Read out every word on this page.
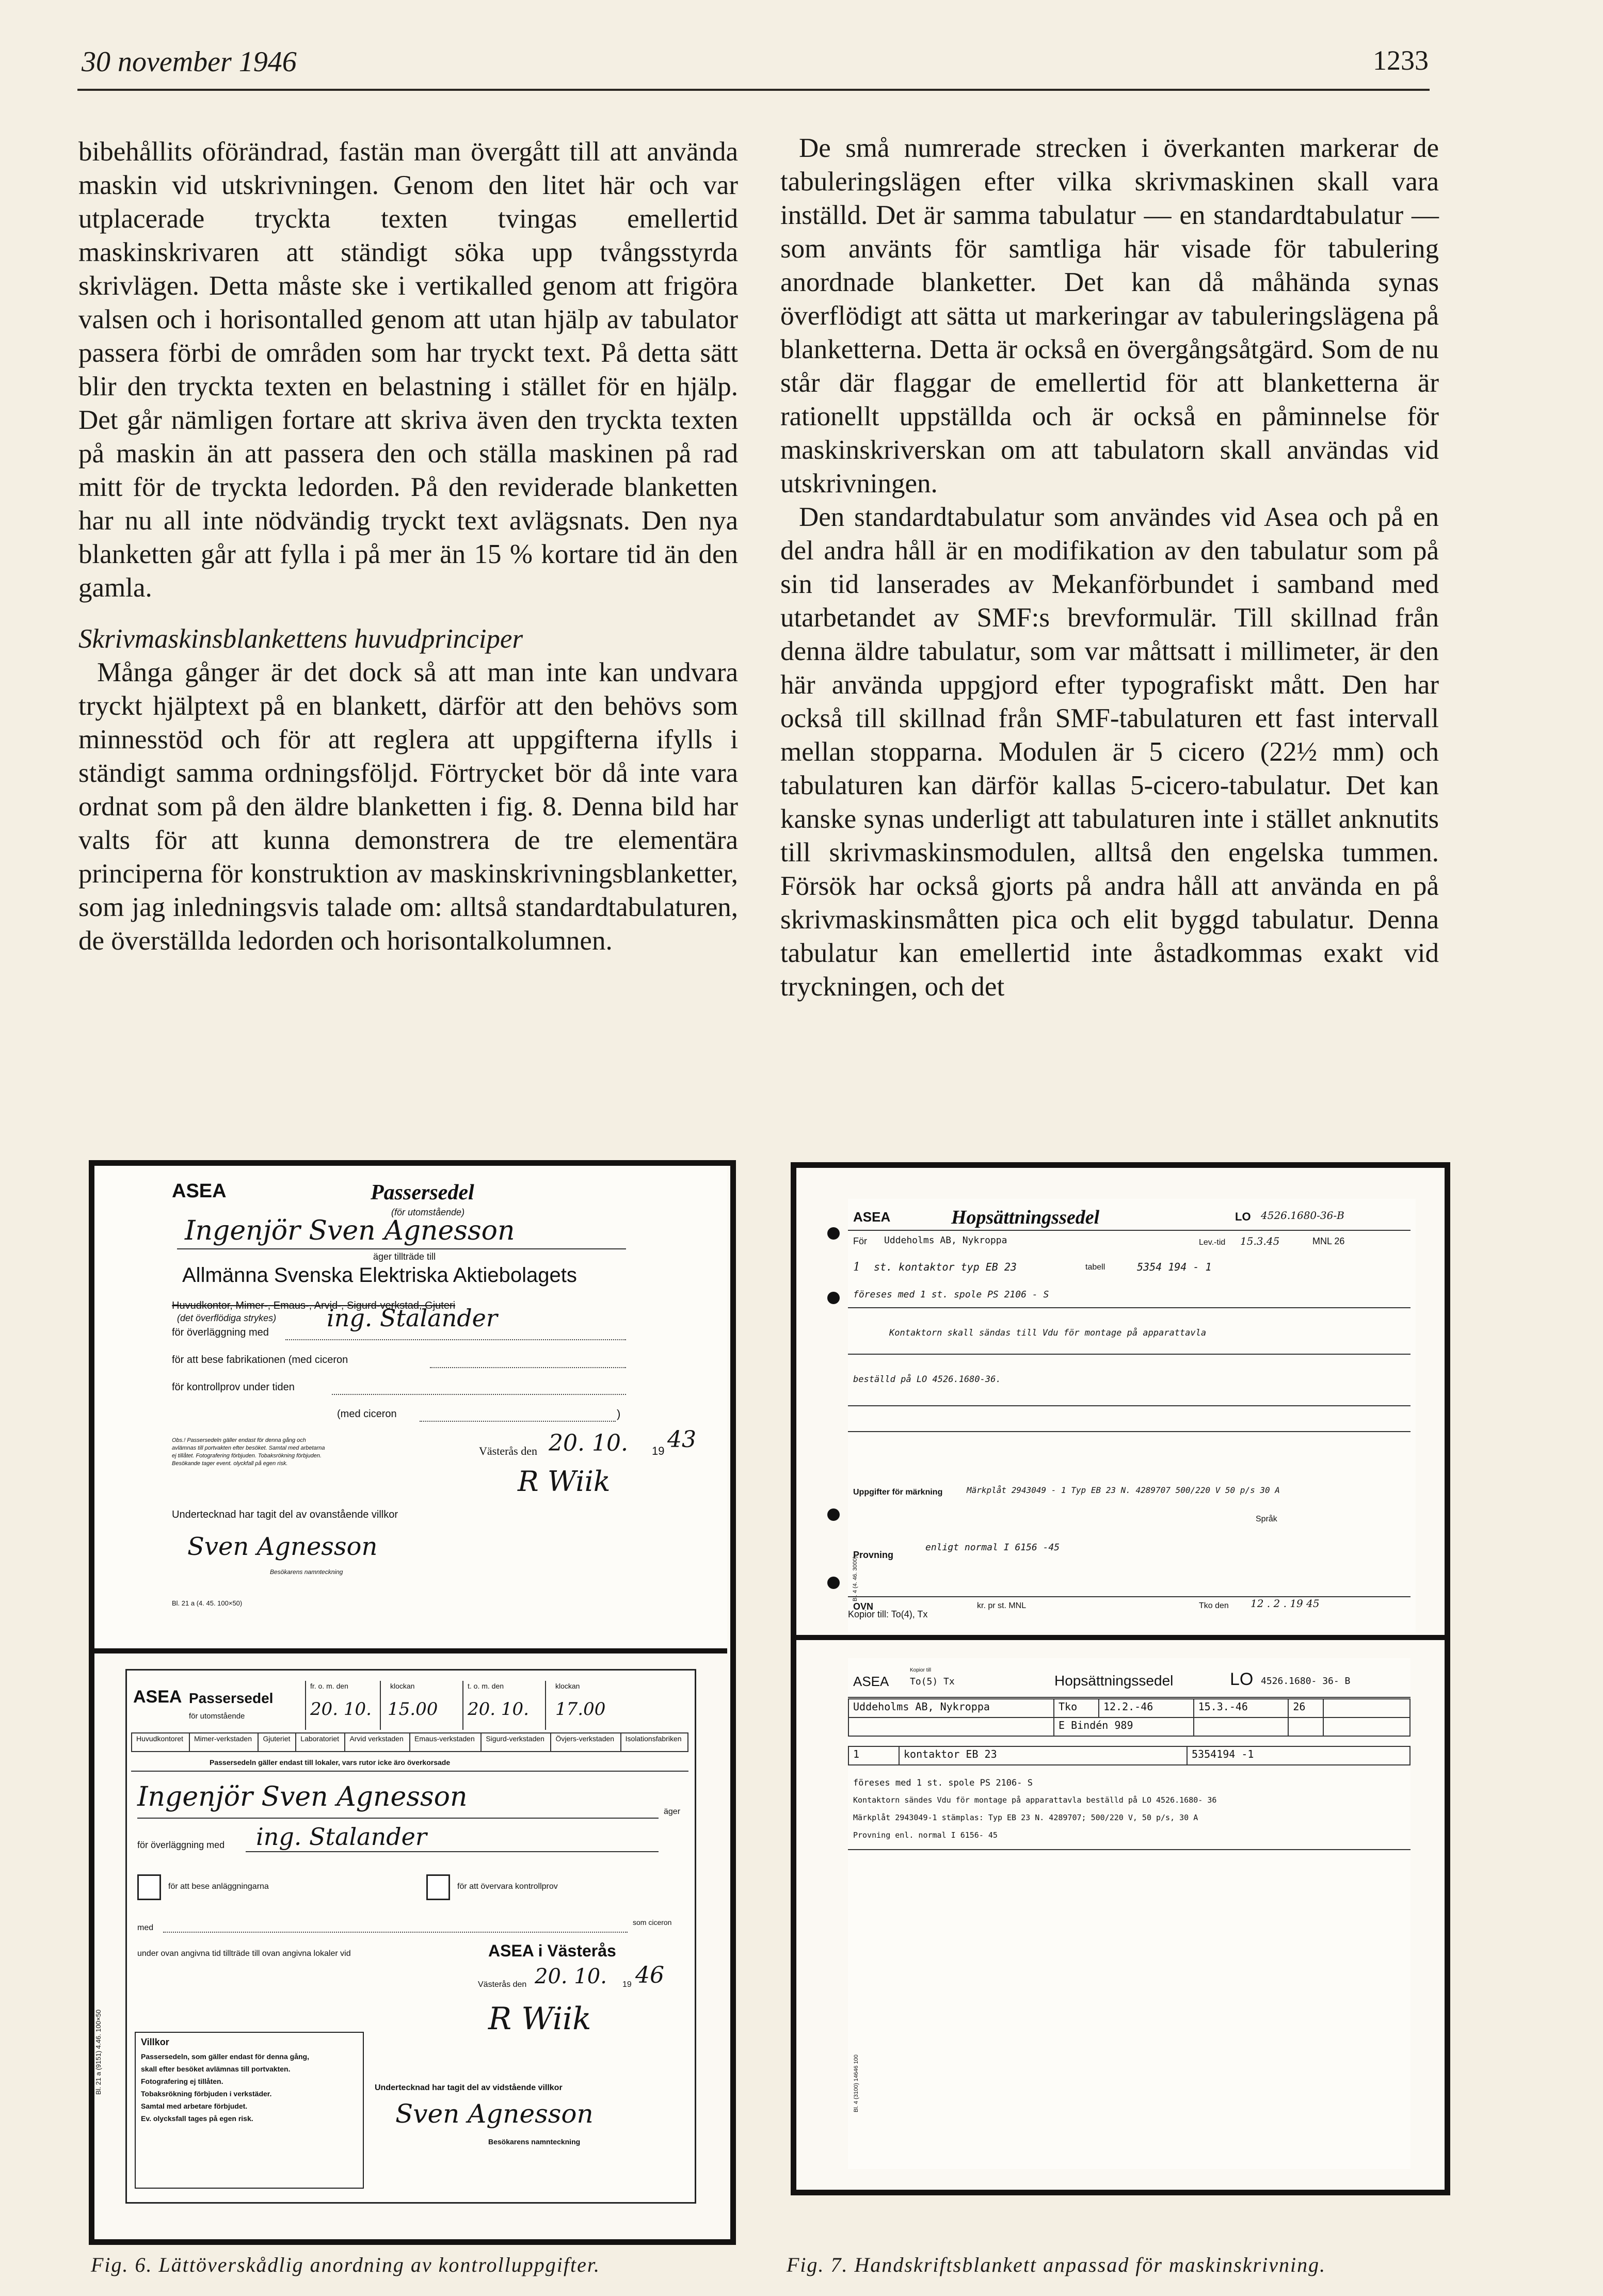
30 november 1946	1233

bibehållits oförändrad, fastän man övergått till att använda maskin vid utskrivningen. Genom den litet här och var utplacerade tryckta texten tvingas emellertid maskinskrivaren att ständigt söka upp tvångsstyrda skrivlägen. Detta måste ske i vertikalled genom att frigöra valsen och i horisontalled genom att utan hjälp av tabulator passera förbi de områden som har tryckt text. På detta sätt blir den tryckta texten en belastning i stället för en hjälp. Det går nämligen fortare att skriva även den tryckta texten på maskin än att passera den och ställa maskinen på rad mitt för de tryckta ledorden. På den reviderade blanketten har nu all inte nödvändig tryckt text avlägsnats. Den nya blanketten går att fylla i på mer än 15 % kortare tid än den gamla.

Skrivmaskinsblankettens huvudprinciper

Många gånger är det dock så att man inte kan undvara tryckt hjälptext på en blankett, därför att den behövs som minnesstöd och för att reglera att uppgifterna ifylls i ständigt samma ordningsföljd. Förtrycket bör då inte vara ordnat som på den äldre blanketten i fig. 8. Denna bild har valts för att kunna demonstrera de tre elementära principerna för konstruktion av maskinskrivningsblanketter, som jag inledningsvis talade om: alltså standardtabulaturen, de överställda ledorden och horisontalkolumnen.

De små numrerade strecken i överkanten markerar de tabuleringslägen efter vilka skrivmaskinen skall vara inställd. Det är samma tabulatur — en standardtabulatur — som använts för samtliga här visade för tabulering anordnade blanketter. Det kan då måhända synas överflödigt att sätta ut markeringar av tabuleringslägena på blanketterna. Detta är också en övergångsåtgärd. Som de nu står där flaggar de emellertid för att blanketterna är rationellt uppställda och är också en påminnelse för maskinskriverskan om att tabulatorn skall användas vid utskrivningen.

Den standardtabulatur som användes vid Asea och på en del andra håll är en modifikation av den tabulatur som på sin tid lanserades av Mekanförbundet i samband med utarbetandet av SMF:s brevformulär. Till skillnad från denna äldre tabulatur, som var måttsatt i millimeter, är den här använda uppgjord efter typografiskt mått. Den har också till skillnad från SMF-tabulaturen ett fast intervall mellan stopparna. Modulen är 5 cicero (22½ mm) och tabulaturen kan därför kallas 5-cicero-tabulatur. Det kan kanske synas underligt att tabulaturen inte i stället anknutits till skrivmaskinsmodulen, alltså den engelska tummen. Försök har också gjorts på andra håll att använda en på skrivmaskinsmåtten pica och elit byggd tabulatur. Denna tabulatur kan emellertid inte åstadkommas exakt vid tryckningen, och det

ASEA	Passersedel
(för utomstående)
Ingenjör Sven Agnesson
äger tillträde till
Allmänna Svenska Elektriska Aktiebolagets
Huvudkontor, Mimer-, Emaus-, Arvid-, Sigurd-verkstad, Gjuteri
(det överflödiga strykes)
för överläggning med
ing. Stalander
för att bese fabrikationen (med ciceron
för kontrollprov under tiden
(med ciceron	)
Obs.! Passersedeln gäller endast för denna gång och avlämnas till portvakten efter besöket. Samtal med arbetarna ej tillåtet. Fotografering förbjuden. Tobaksrökning förbjuden. Besökande tager event. olyckfall på egen risk.
Västerås den 20. 10. 19 43
R Wiik
Undertecknad har tagit del av ovanstående villkor
Sven Agnesson
Besökarens namnteckning
Bl. 21 a (4. 45. 100×50)
ASEA Passersedel
för utomstående
fr. o. m. den
20. 10.
klockan
15.00
t. o. m. den
20. 10.
klockan
17.00
Huvudkontoret	Mimer-verkstaden	Gjuteriet	Laboratoriet	Arvid verkstaden	Emaus-verkstaden	Sigurd-verkstaden	Övjers-verkstaden	Isolationsfabriken
Passersedeln gäller endast till lokaler, vars rutor icke äro överkorsade
Ingenjör Sven Agnesson	äger
för överläggning med ing. Stalander
för att bese anläggningarna	för att övervara kontrollprov
med
som ciceron
under ovan angivna tid tillträde till ovan angivna lokaler vid	ASEA i Västerås
Västerås den 20. 10. 19 46
R Wiik
Villkor
Passersedeln, som gäller endast för denna gång,
skall efter besöket avlämnas till portvakten.
Fotografering ej tillåten.
Tobaksrökning förbjuden i verkstäder.
Samtal med arbetare förbjudet.
Ev. olycksfall tages på egen risk.
Undertecknad har tagit del av vidstående villkor
Sven Agnesson
Besökarens namnteckning
Bl. 21 a (9151) 4.46. 100×50
ASEA	Hopsättningssedel	LO 4526.1680-36-B
För Uddeholms AB, Nykroppa	Lev.-tid 15.3.45	MNL 26
1 st. kontaktor typ EB 23	tabell	5354 194 - 1
föreses med 1 st. spole PS 2106 - S
Kontaktorn skall sändas till Vdu för montage på apparattavla
beställd på LO 4526.1680-36.
Uppgifter för märkning	Märkplåt 2943049 - 1 Typ EB 23 N. 4289707 500/220 V 50 p/s 30 A
Språk
Provning
enligt normal I 6156 -45
OVN	kr. pr st. MNL	Tko den 12 . 2 . 19 45
Kopior till: To(4), Tx
Bl. 4 (4. 46. 3000)
ASEA
Kopior till
To(5) Tx	Hopsättningssedel	LO 4526.1680- 36- B
Uddeholms AB, Nykroppa	Tko	12.2.-46	15.3.-46	26	
	E Bindén 989				
1	kontaktor EB 23	5354194 -1
föreses med 1 st. spole PS 2106- S
Kontaktorn sändes Vdu för montage på apparattavla beställd på LO 4526.1680- 36
Märkplåt 2943049-1 stämplas: Typ EB 23 N. 4289707; 500/220 V, 50 p/s, 30 A
Provning enl. normal I 6156- 45
Bl. 4 (3100) 14646 100
Fig. 6. Lättöverskådlig anordning av kontrolluppgifter.	Fig. 7. Handskriftsblankett anpassad för maskinskrivning.
